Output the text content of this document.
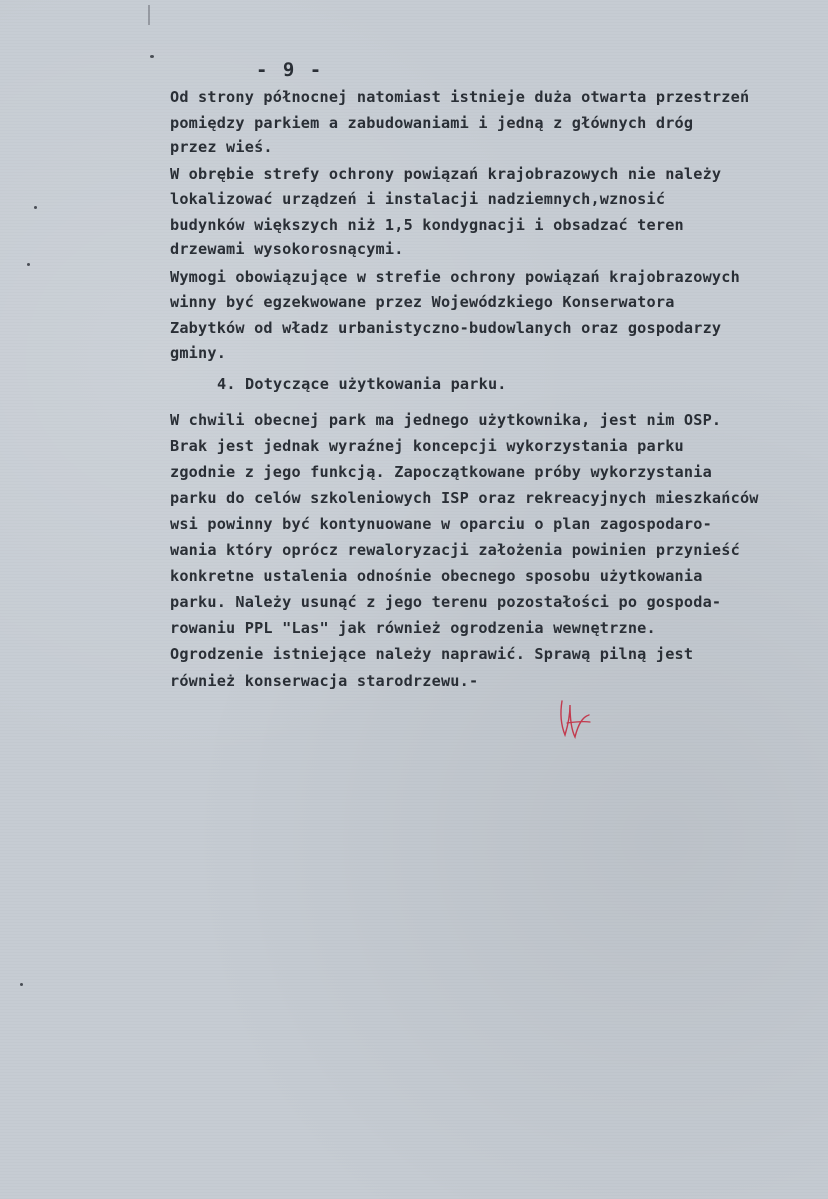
- 9 -
Od strony północnej natomiast istnieje duża otwarta przestrzeń
pomiędzy parkiem a zabudowaniami i jedną z głównych dróg
przez wieś.
W obrębie strefy ochrony powiązań krajobrazowych nie należy
lokalizować urządzeń i instalacji nadziemnych,wznosić
budynków większych niż 1,5 kondygnacji i obsadzać teren
drzewami wysokorosnącymi.
Wymogi obowiązujące w strefie ochrony powiązań krajobrazowych
winny być egzekwowane przez Wojewódzkiego Konserwatora
Zabytków od władz urbanistyczno-budowlanych oraz gospodarzy
gminy.
4. Dotyczące użytkowania parku.
W chwili obecnej park ma jednego użytkownika, jest nim OSP.
Brak jest jednak wyraźnej koncepcji wykorzystania parku
zgodnie z jego funkcją. Zapoczątkowane próby wykorzystania
parku do celów szkoleniowych ISP oraz rekreacyjnych mieszkańców
wsi powinny być kontynuowane w oparciu o plan zagospodaro-
wania który oprócz rewaloryzacji założenia powinien przynieść
konkretne ustalenia odnośnie obecnego sposobu użytkowania
parku. Należy usunąć z jego terenu pozostałości po gospoda-
rowaniu PPL "Las" jak również ogrodzenia wewnętrzne.
Ogrodzenie istniejące należy naprawić. Sprawą pilną jest
również konserwacja starodrzewu.-
